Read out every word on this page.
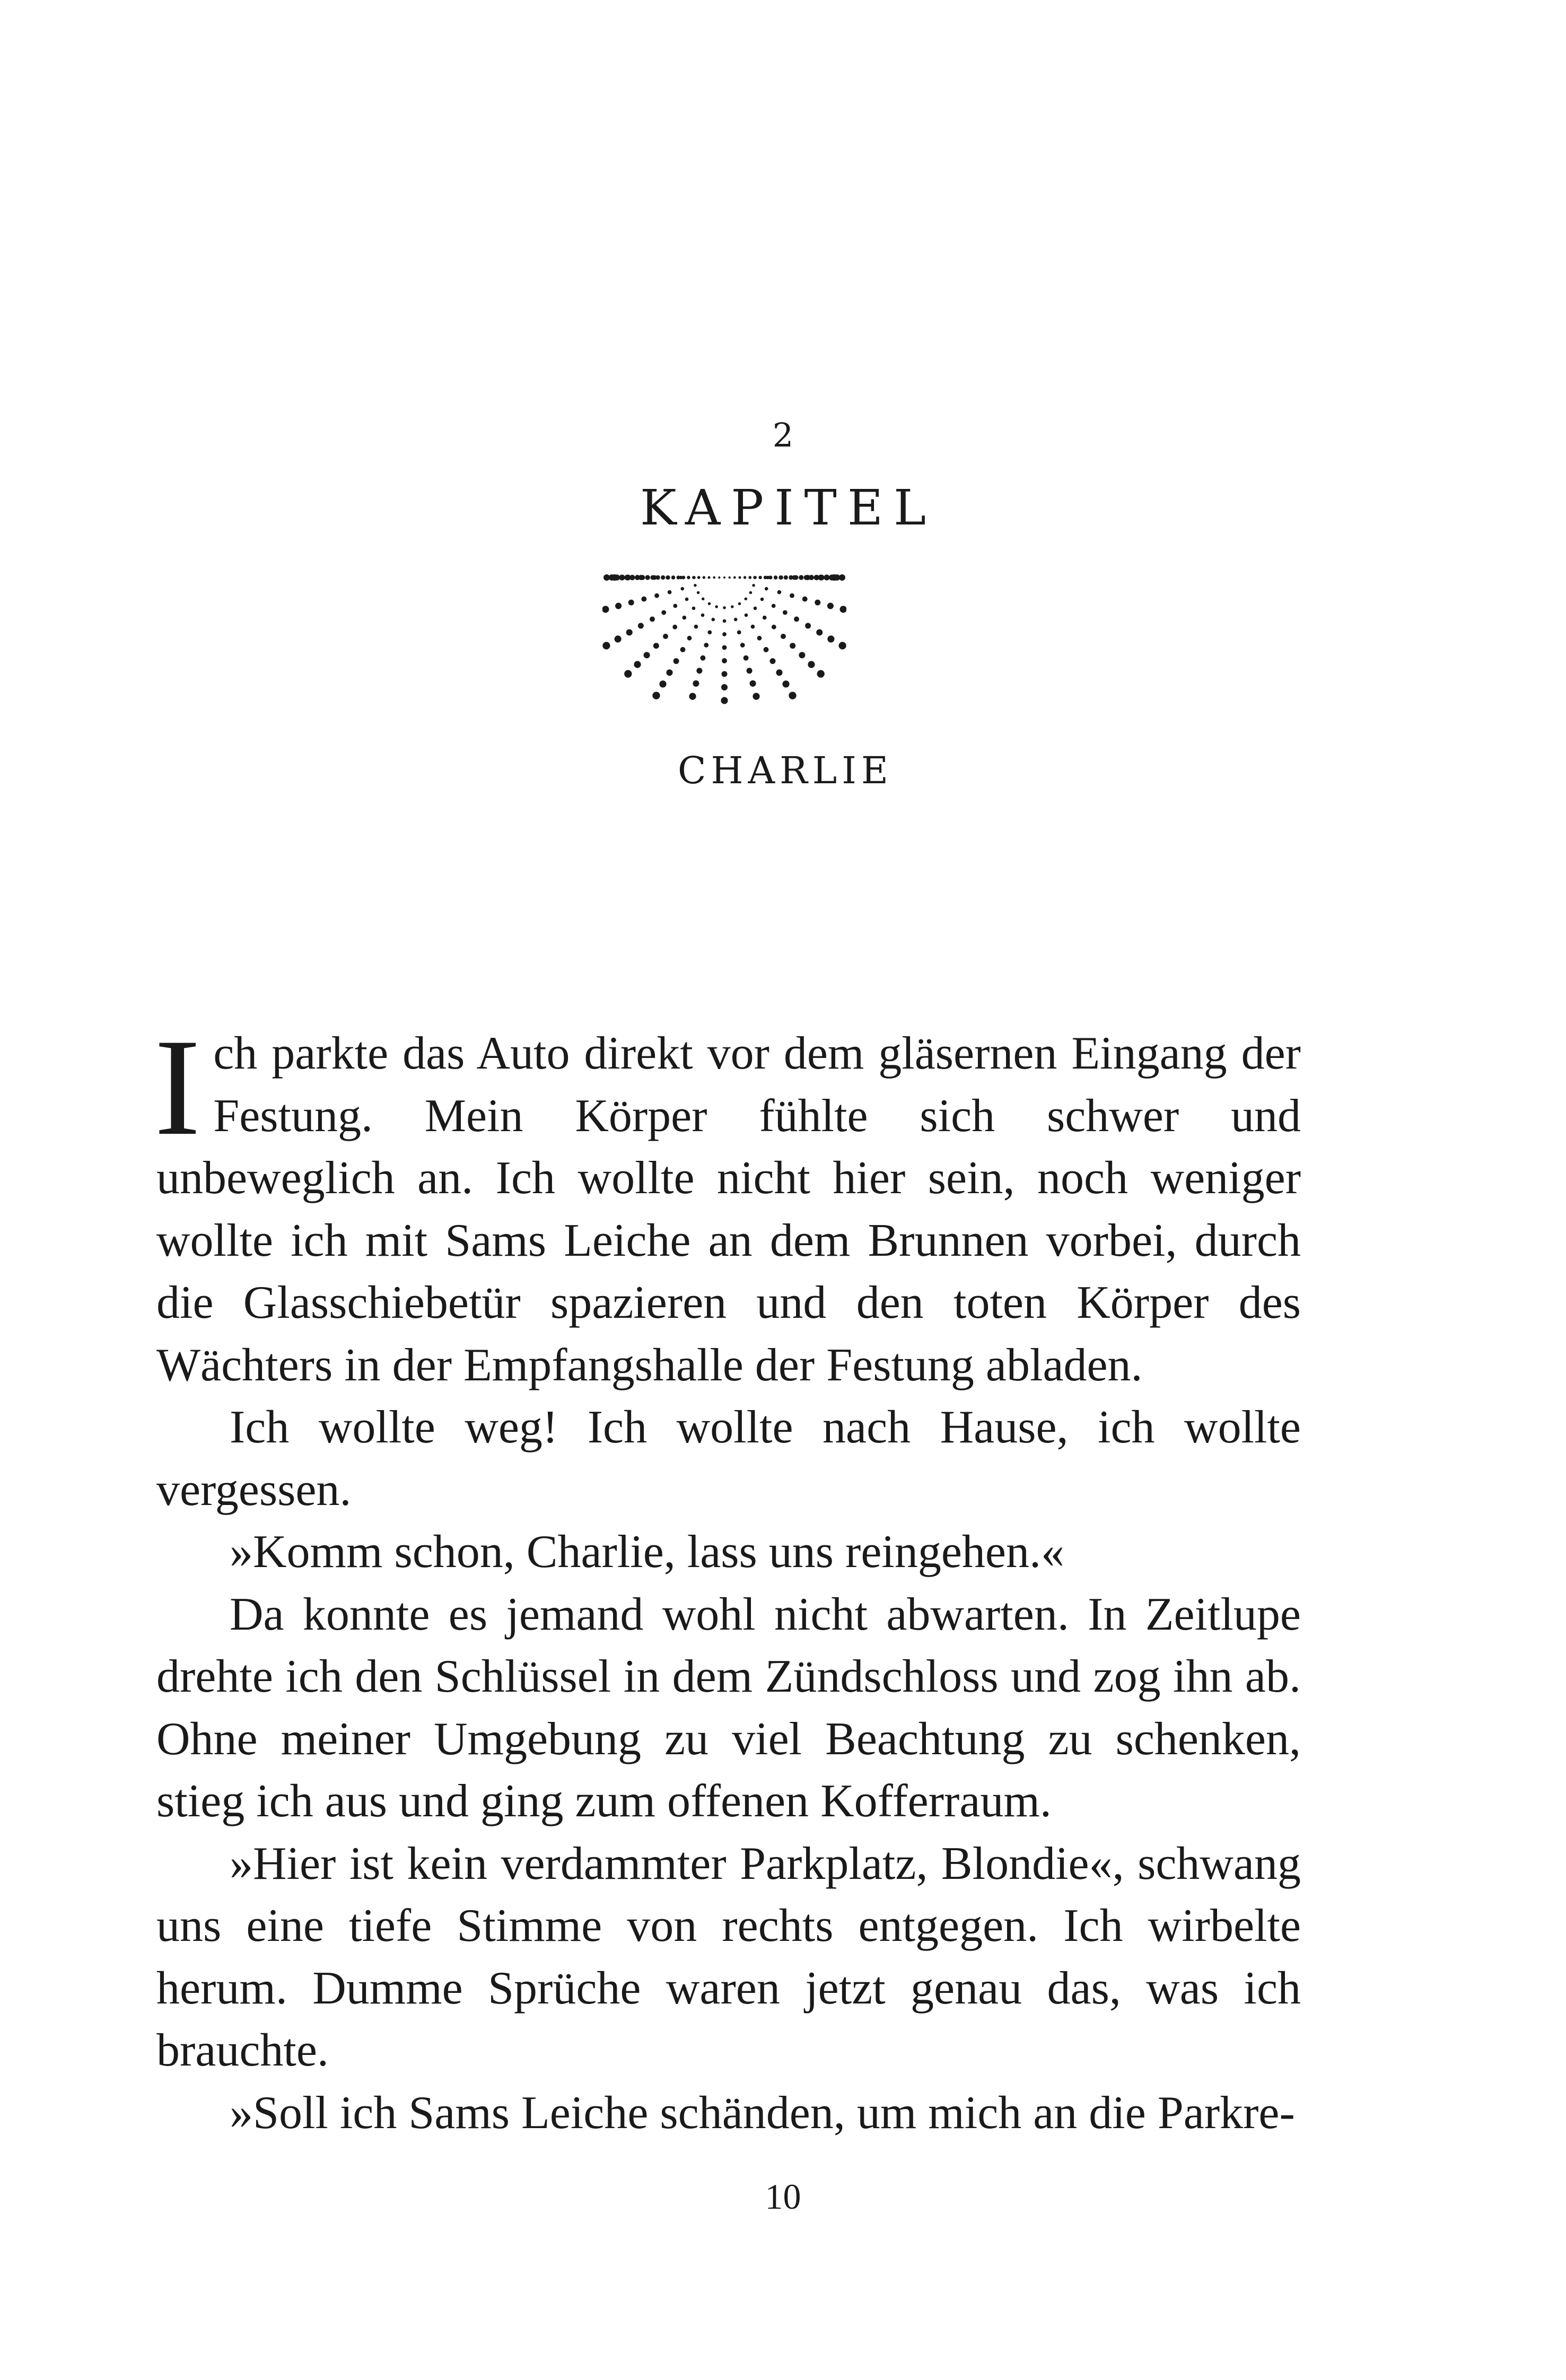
2
KAPITEL
CHARLIE

Ich parkte das Auto direkt vor dem gläsernen Eingang der Festung. Mein Körper fühlte sich schwer und unbeweglich an. Ich wollte nicht hier sein, noch weniger wollte ich mit Sams Leiche an dem Brunnen vorbei, durch die Glasschiebetür spazieren und den toten Körper des Wächters in der Empfangshalle der Festung abladen.

Ich wollte weg! Ich wollte nach Hause, ich wollte vergessen.

»Komm schon, Charlie, lass uns reingehen.«

Da konnte es jemand wohl nicht abwarten. In Zeitlupe drehte ich den Schlüssel in dem Zündschloss und zog ihn ab. Ohne meiner Umgebung zu viel Beachtung zu schenken, stieg ich aus und ging zum offenen Kofferraum.

»Hier ist kein verdammter Parkplatz, Blondie«, schwang uns eine tiefe Stimme von rechts entgegen. Ich wirbelte herum. Dumme Sprüche waren jetzt genau das, was ich brauchte.

»Soll ich Sams Leiche schänden, um mich an die Parkre-

10
